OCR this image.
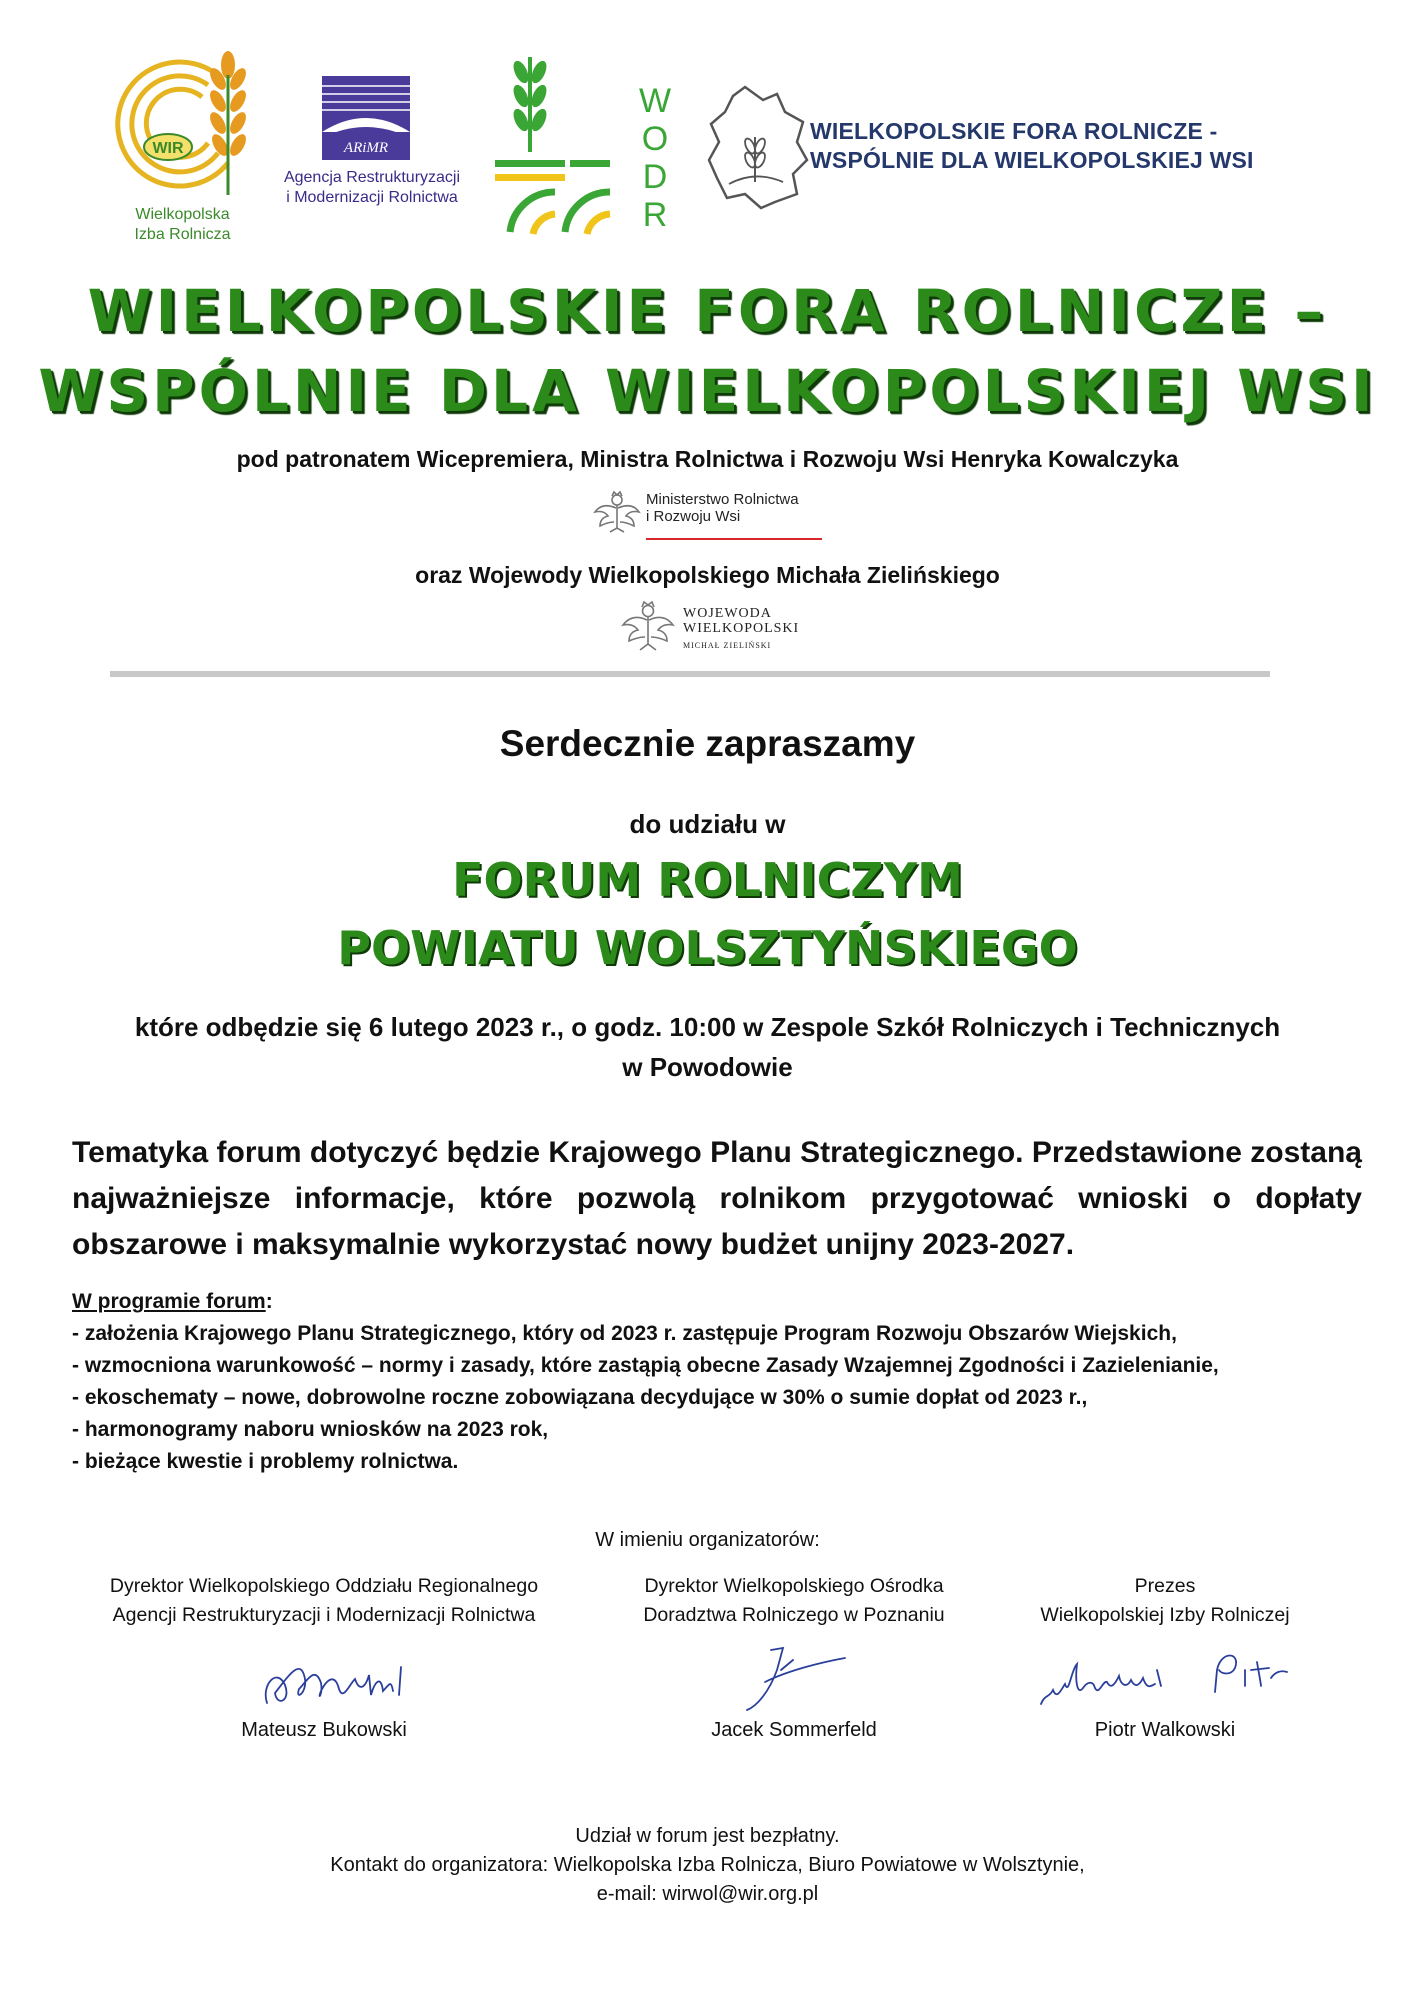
WIR
Wielkopolska
Izba Rolnicza
ARiMR
Agencja Restrukturyzacji
i Modernizacji Rolnictwa
W
O
D
R
WIELKOPOLSKIE FORA ROLNICZE -
WSPÓLNIE DLA WIELKOPOLSKIEJ WSI
WIELKOPOLSKIE FORA ROLNICZE –
WSPÓLNIE DLA WIELKOPOLSKIEJ WSI
pod patronatem Wicepremiera, Ministra Rolnictwa i Rozwoju Wsi Henryka Kowalczyka
Ministerstwo Rolnictwa
i Rozwoju Wsi
oraz Wojewody Wielkopolskiego Michała Zielińskiego
WOJEWODA
WIELKOPOLSKI
MICHAŁ ZIELIŃSKI
Serdecznie zapraszamy
do udziału w
FORUM ROLNICZYM
POWIATU WOLSZTYŃSKIEGO
które odbędzie się 6 lutego 2023 r., o godz. 10:00 w Zespole Szkół Rolniczych i Technicznych
w Powodowie
Tematyka forum dotyczyć będzie Krajowego Planu Strategicznego. Przedstawione zostaną najważniejsze informacje, które pozwolą rolnikom przygotować wnioski o dopłaty obszarowe i maksymalnie wykorzystać nowy budżet unijny 2023-2027.
W programie forum:
- założenia Krajowego Planu Strategicznego, który od 2023 r. zastępuje Program Rozwoju Obszarów Wiejskich,
- wzmocniona warunkowość – normy i zasady, które zastąpią obecne Zasady Wzajemnej Zgodności i Zazielenianie,
- ekoschematy – nowe, dobrowolne roczne zobowiązana decydujące w 30% o sumie dopłat od 2023 r.,
- harmonogramy naboru wniosków na 2023 rok,
- bieżące kwestie i problemy rolnictwa.
W imieniu organizatorów:
Dyrektor Wielkopolskiego Oddziału Regionalnego
Agencji Restrukturyzacji i Modernizacji Rolnictwa
Dyrektor Wielkopolskiego Ośrodka
Doradztwa Rolniczego w Poznaniu
Prezes
Wielkopolskiej Izby Rolniczej
Mateusz Bukowski	Jacek Sommerfeld	Piotr Walkowski
Udział w forum jest bezpłatny.
Kontakt do organizatora: Wielkopolska Izba Rolnicza, Biuro Powiatowe w Wolsztynie,
e-mail: wirwol@wir.org.pl
